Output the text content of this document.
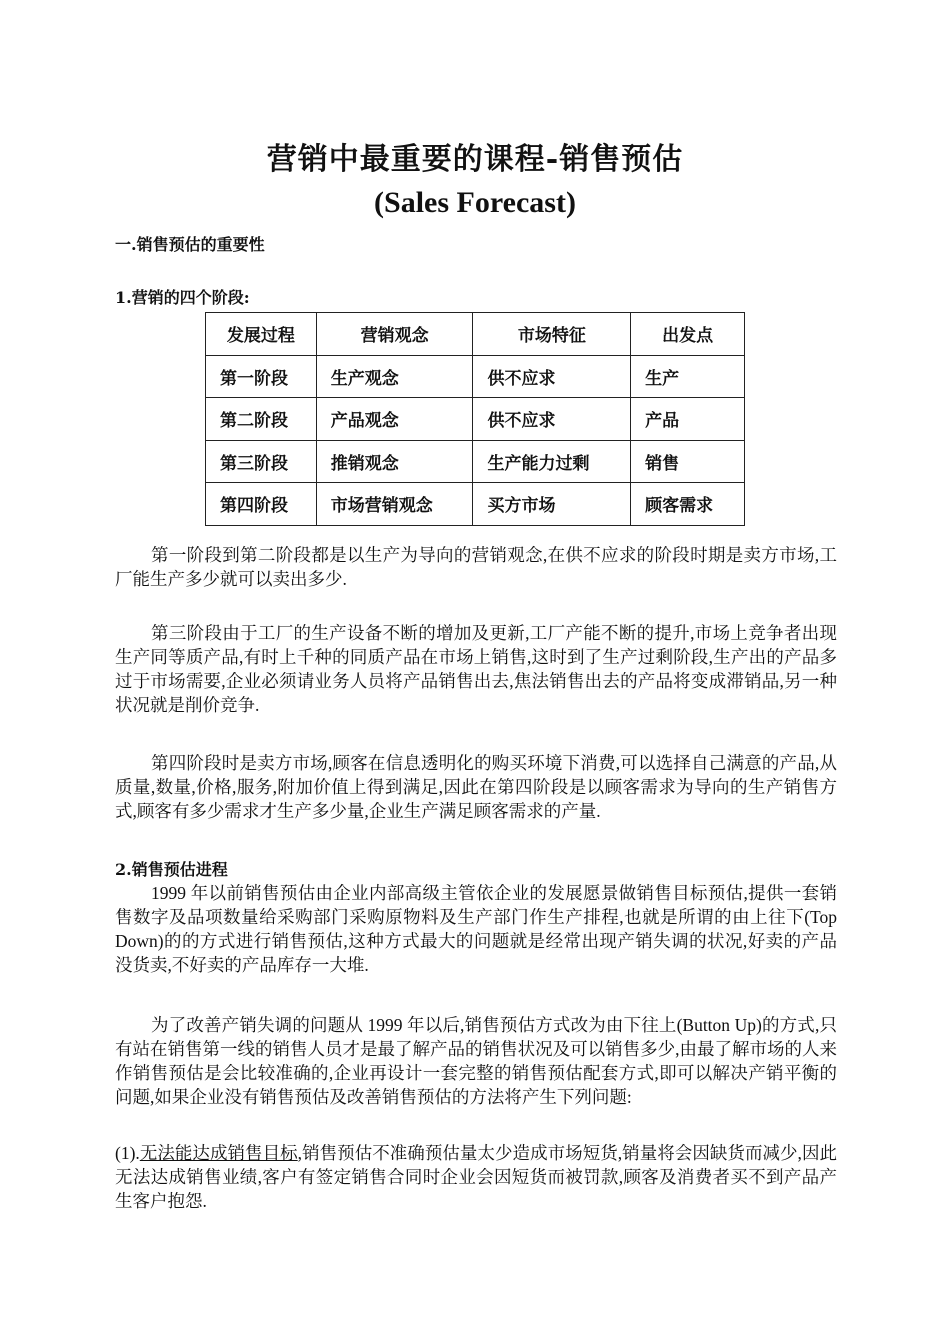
营销中最重要的课程-销售预估
(Sales Forecast)
一.销售预估的重要性
1.营销的四个阶段:
发展过程	营销观念	市场特征	出发点
第一阶段	生产观念	供不应求	生产
第二阶段	产品观念	供不应求	产品
第三阶段	推销观念	生产能力过剩	销售
第四阶段	市场营销观念	买方市场	顾客需求
第一阶段到第二阶段都是以生产为导向的营销观念,在供不应求的阶段时期是卖方市场,工厂能生产多少就可以卖出多少.
第三阶段由于工厂的生产设备不断的增加及更新,工厂产能不断的提升,市场上竞争者出现生产同等质产品,有时上千种的同质产品在市场上销售,这时到了生产过剩阶段,生产出的产品多过于市场需要,企业必须请业务人员将产品销售出去,焦法销售出去的产品将变成滞销品,另一种状况就是削价竞争.
第四阶段时是卖方市场,顾客在信息透明化的购买环境下消费,可以选择自己满意的产品,从质量,数量,价格,服务,附加价值上得到满足,因此在第四阶段是以顾客需求为导向的生产销售方式,顾客有多少需求才生产多少量,企业生产满足顾客需求的产量.
2.销售预估进程
1999 年以前销售预估由企业内部高级主管依企业的发展愿景做销售目标预估,提供一套销售数字及品项数量给采购部门采购原物料及生产部门作生产排程,也就是所谓的由上往下(Top Down)的的方式进行销售预估,这种方式最大的问题就是经常出现产销失调的状况,好卖的产品没货卖,不好卖的产品库存一大堆.
为了改善产销失调的问题从 1999 年以后,销售预估方式改为由下往上(Button Up)的方式,只有站在销售第一线的销售人员才是最了解产品的销售状况及可以销售多少,由最了解市场的人来作销售预估是会比较准确的,企业再设计一套完整的销售预估配套方式,即可以解决产销平衡的问题,如果企业没有销售预估及改善销售预估的方法将产生下列问题:
(1).无法能达成销售目标,销售预估不准确预估量太少造成市场短货,销量将会因缺货而减少,因此无法达成销售业绩,客户有签定销售合同时企业会因短货而被罚款,顾客及消费者买不到产品产生客户抱怨.
